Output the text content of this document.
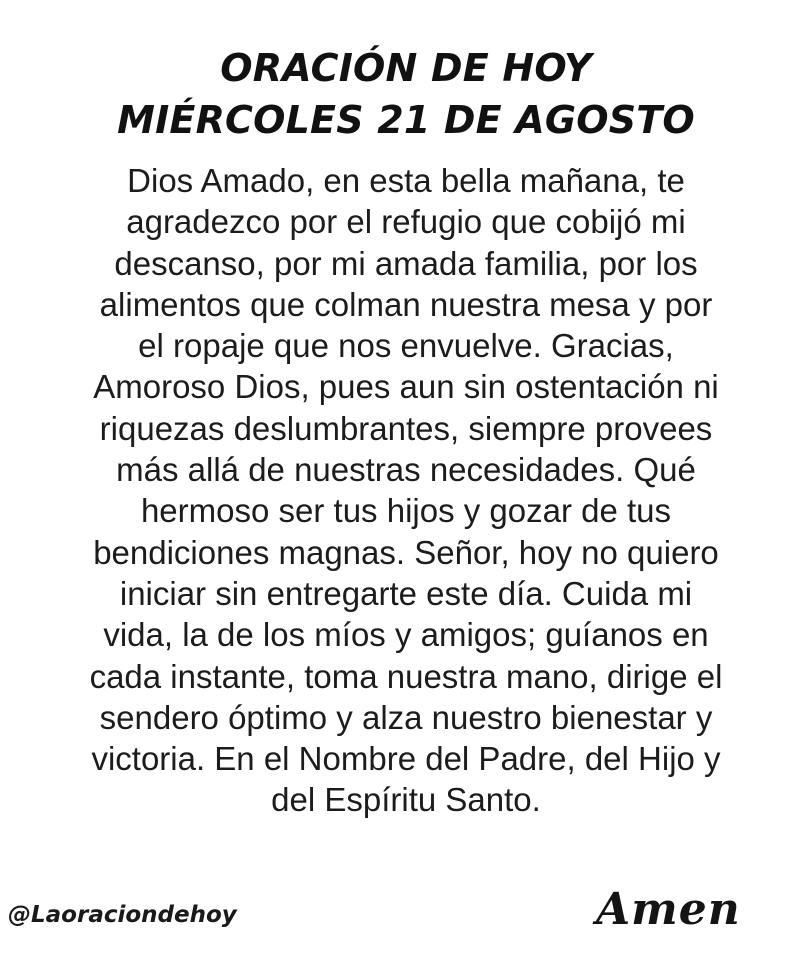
ORACIÓN DE HOY
MIÉRCOLES 21 DE AGOSTO
Dios Amado, en esta bella mañana, te
agradezco por el refugio que cobijó mi
descanso, por mi amada familia, por los
alimentos que colman nuestra mesa y por
el ropaje que nos envuelve. Gracias,
Amoroso Dios, pues aun sin ostentación ni
riquezas deslumbrantes, siempre provees
más allá de nuestras necesidades. Qué
hermoso ser tus hijos y gozar de tus
bendiciones magnas. Señor, hoy no quiero
iniciar sin entregarte este día. Cuida mi
vida, la de los míos y amigos; guíanos en
cada instante, toma nuestra mano, dirige el
sendero óptimo y alza nuestro bienestar y
victoria. En el Nombre del Padre, del Hijo y
del Espíritu Santo.
@Laoraciondehoy	Amen
